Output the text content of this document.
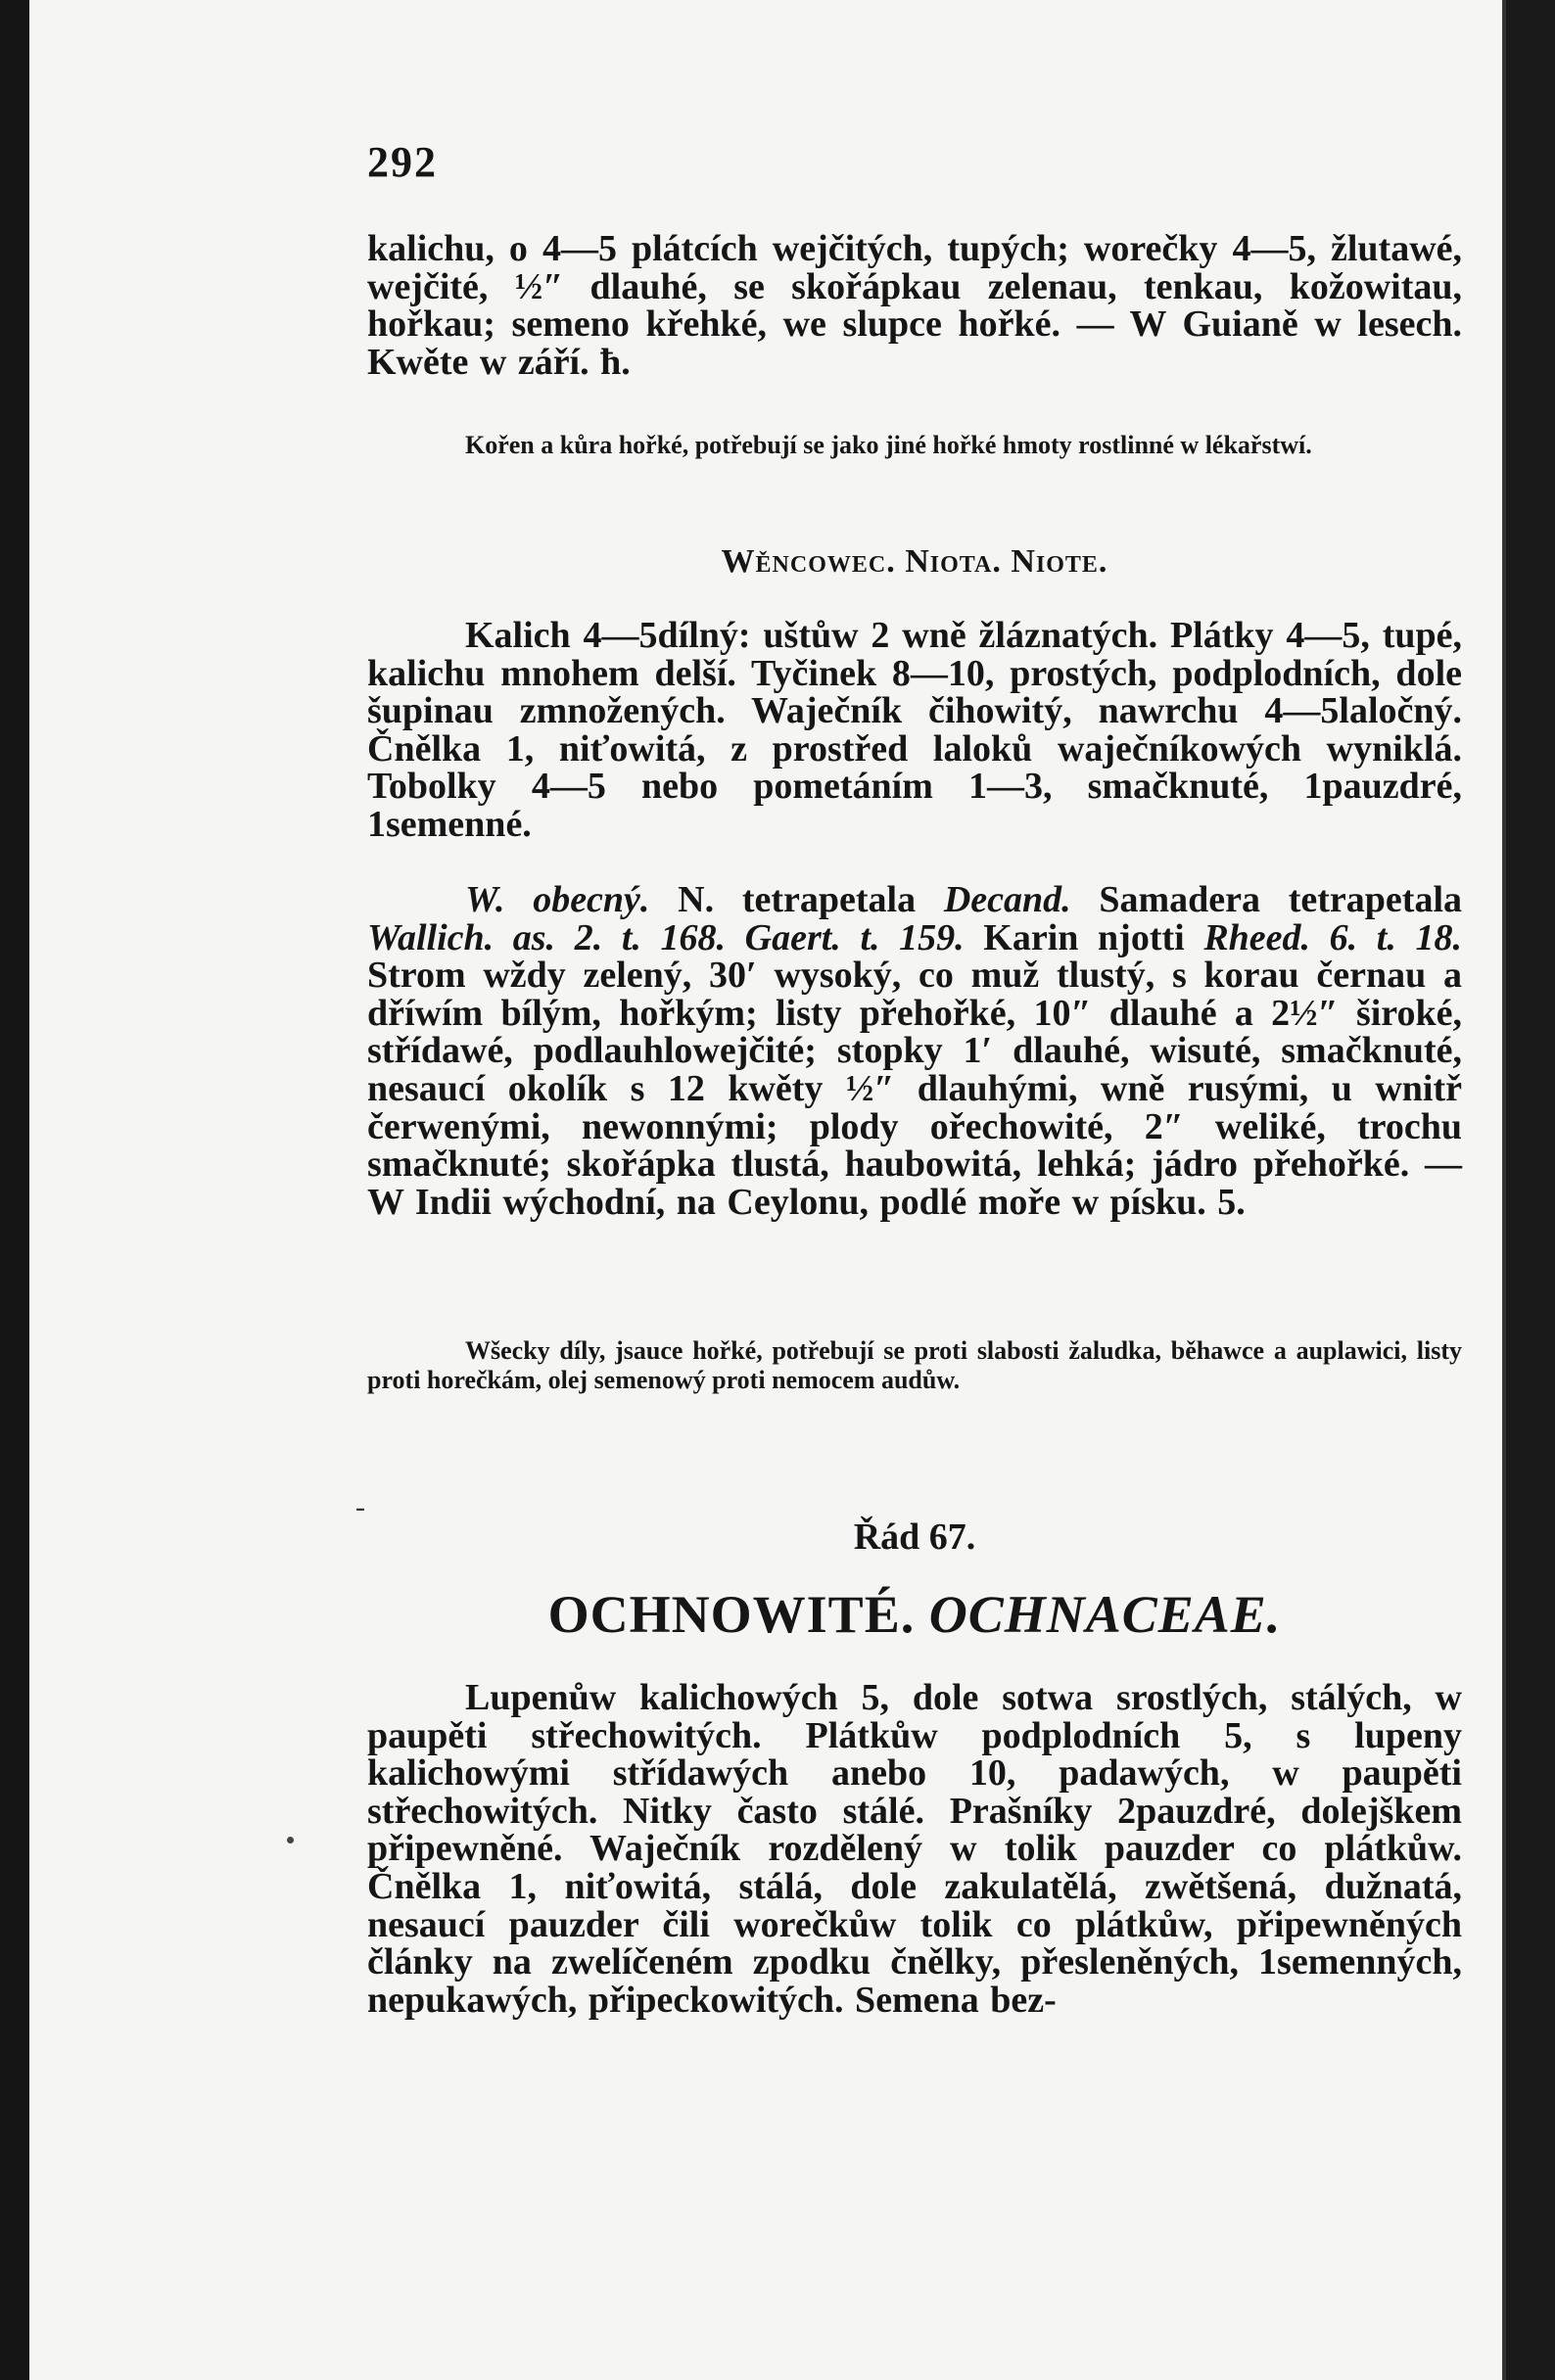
292

kalichu, o 4—5 plátcích wejčitých, tupých; worečky 4—5, žlutawé, wejčité, ½″ dlauhé, se skořápkau zelenau, tenkau, kožowitau, hořkau; semeno křehké, we slupce hořké. — W Guianě w lesech. Kwěte w září. ħ.

Kořen a kůra hořké, potřebují se jako jiné hořké hmoty rostlinné w lékařstwí.

Wěncowec. Niota. Niote.

Kalich 4—5dílný: uštůw 2 wně žláznatých. Plátky 4—5, tupé, kalichu mnohem delší. Tyčinek 8—10, prostých, podplodních, dole šupinau zmnožených. Waječník čihowitý, nawrchu 4—5laločný. Čnělka 1, niťowitá, z prostřed laloků waječníkowých wyniklá. Tobolky 4—5 nebo pometáním 1—3, smačknuté, 1pauzdré, 1semenné.

W. obecný. N. tetrapetala Decand. Samadera tetrapetala Wallich. as. 2. t. 168. Gaert. t. 159. Karin njotti Rheed. 6. t. 18. Strom wždy zelený, 30′ wysoký, co muž tlustý, s korau černau a dříwím bílým, hořkým; listy přehořké, 10″ dlauhé a 2½″ široké, střídawé, podlauhlowejčité; stopky 1′ dlauhé, wisuté, smačknuté, nesaucí okolík s 12 kwěty ½″ dlauhými, wně rusými, u wnitř čerwenými, newonnými; plody ořechowité, 2″ weliké, trochu smačknuté; skořápka tlustá, haubowitá, lehká; jádro přehořké. — W Indii wýchodní, na Ceylonu, podlé moře w písku. 5.

Wšecky díly, jsauce hořké, potřebují se proti slabosti žaludka, běhawce a auplawici, listy proti horečkám, olej semenowý proti nemocem audůw.

Řád 67.
OCHNOWITÉ. OCHNACEAE.

Lupenůw kalichowých 5, dole sotwa srostlých, stálých, w paupěti střechowitých. Plátkůw podplodních 5, s lupeny kalichowými střídawých anebo 10, padawých, w paupěti střechowitých. Nitky často stálé. Prašníky 2pauzdré, dolejškem připewněné. Waječník rozdělený w tolik pauzder co plátkůw. Čnělka 1, niťowitá, stálá, dole zakulatělá, zwětšená, dužnatá, nesaucí pauzder čili worečkůw tolik co plátkůw, připewněných články na zwelíčeném zpodku čnělky, přesleněných, 1semenných, nepukawých, připeckowitých. Semena bez-

-
